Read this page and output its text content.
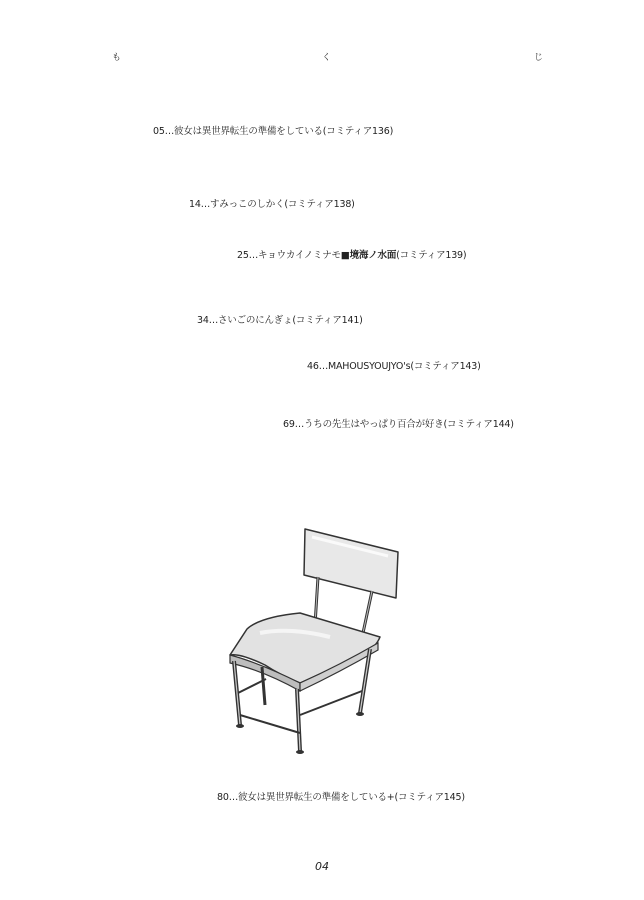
も	く	じ
05…彼女は異世界転生の準備をしている(コミティア136)
14…すみっこのしかく(コミティア138)
25…キョウカイノミナモ■境海ノ水面(コミティア139)
34…さいごのにんぎょ(コミティア141)
46…MAHOUSYOUJYO's(コミティア143)
69…うちの先生はやっぱり百合が好き(コミティア144)
80…彼女は異世界転生の準備をしている+(コミティア145)
04
